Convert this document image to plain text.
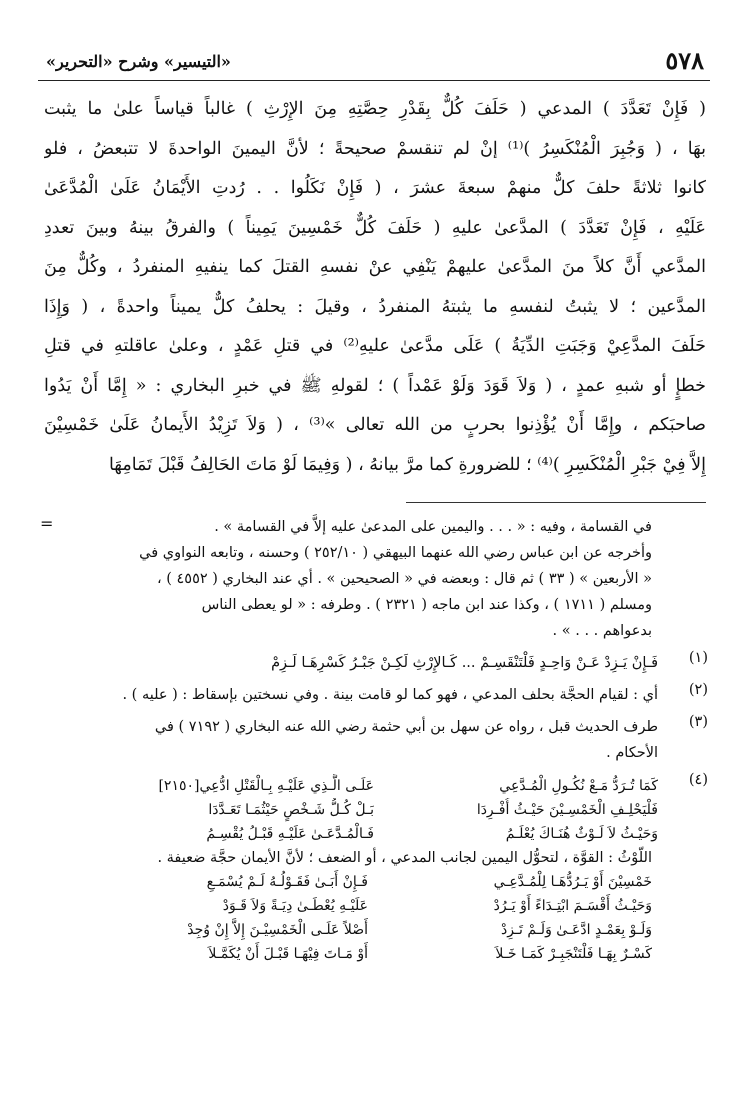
٥٧٨
«التيسير» وشرح «التحرير»

( فَإِنْ تَعَدَّدَ ) المدعي ( حَلَفَ كُلٌّ بِقَدْرِ حِصَّتِهِ مِنَ الإِرْثِ ) غالباً قياساً علىٰ ما يثبت

بهَا ، ( وَجُبِرَ الْمُنْكَسِرُ )⁽¹⁾ إنْ لم تنقسمْ صحيحةً ؛ لأنَّ اليمينَ الواحدةَ لا تتبعضُ ، فلو

كانوا ثلاثةً حلفَ كلٌّ منهمْ سبعةَ عشرَ ، ( فَإِنْ نَكَلُوا . . رُدتِ الأَيْمَانُ عَلَىٰ الْمُدَّعَىٰ

عَلَيْهِ ، فَإِنْ تَعَدَّدَ ) المدَّعىٰ عليهِ ( حَلَفَ كُلٌّ خَمْسِينَ يَمِيناً ) والفرقُ بينهُ وبينَ تعددِ

المدَّعي أَنَّ كلاً منَ المدَّعىٰ عليهمْ يَنْفِي عنْ نفسهِ القتلَ كما ينفيهِ المنفردُ ، وكُلٌّ مِنَ

المدَّعين ؛ لا يثبتُ لنفسهِ ما يثبتهُ المنفردُ ، وقيلَ : يحلفُ كلٌّ يميناً واحدةً ، ( وَإِذَا

حَلَفَ المدَّعِيْ وَجَبَتِ الدِّيَةُ ) عَلَى مدَّعىٰ عليهِ⁽²⁾ في قتلِ عَمْدٍ ، وعلىٰ عاقلتهِ في قتلِ

خطإٍ أو شبهِ عمدٍ ، ( وَلاَ قَوَدَ وَلَوْ عَمْداً ) ؛ لقولهِ ﷺ في خبرِ البخاري : « إِمَّا أَنْ يَدُوا

صاحبَكم ، وإِمَّا أَنْ يُؤْذِنوا بحربٍ من الله تعالى »⁽³⁾ ، ( وَلاَ تَزِيْدُ الأَيمانُ عَلَىٰ خَمْسِيْنَ

إِلاَّ فِيْ جَبْرِ الْمُنْكَسِرِ )⁽⁴⁾ ؛ للضرورةِ كما مرَّ بيانهُ ، ( وَفِيمَا لَوْ مَاتَ الحَالِفُ قَبْلَ تَمَامِهَا

=	في القسامة ، وفيه : « . . . واليمين على المدعىٰ عليه إلاَّ في القسامة » .
وأخرجه عن ابن عباس رضي الله عنهما البيهقي ( ٢٥٢/١٠ ) وحسنه ، وتابعه النواوي في
« الأربعين » ( ٣٣ ) ثم قال : وبعضه في « الصحيحين » . أي عند البخاري ( ٤٥٥٢ ) ،
ومسلم ( ١٧١١ ) ، وكذا عند ابن ماجه ( ٢٣٢١ ) . وطرفه : « لو يعطى الناس
بدعواهم . . . » .
(١)
فَـإِنْ يَـزِدْ عَـنْ وَاحِـدٍ فَلْتَنْقَسِـمْ ... كَـالإِرْثِ لَكِـنْ جَبْـرُ كَسْرِهَـا لَـزِمْ
(٢)
أي : لقيام الحجَّة بحلف المدعي ، فهو كما لو قامت بينة . وفي نسختين بإسقاط : ( عليه ) .
(٣)
طرف الحديث قبل ، رواه عن سهل بن أبي حثمة رضي الله عنه البخاري ( ٧١٩٢ ) في
الأحكام .
(٤)
كَمَا تُـرَدُّ مَـعْ نُكُـولِ الْمُـدَّعِي
عَلَـى الَّـذِي عَلَيْـهِ بِـالْقَتْلِ ادُّعِي[٢١٥٠]
فَلْيَحْلِـفِ الْخَمْسِـيْنَ حَيْـثُ أُفْـرِدَا
بَـلْ كُـلُّ شَـخْصٍ حَيْثُمَـا تَعَـدَّدَا
وَحَيْـثُ لاَ لَـوْثٌ هُنَـاكَ يُعْلَـمُ
فَـالْمُـدَّعَـىٰ عَلَيْـهِ قَبْـلُ يُقْسِـمُ
اللَّوْثُ : القوَّة ، لتحوُّل اليمين لجانب المدعي ، أو الضعف ؛ لأنَّ الأيمان حجَّة ضعيفة .
خَمْسِيْنَ أَوْ يَـرُدُّهَـا لِلْمُـدَّعِـي
فَـإِنْ أَبَـىٰ فَقَـوْلُـهُ لَـمْ يُسْمَـعِ
وَحَيْـثُ أَقْسَـمَ ابْتِـدَاءً أَوْ يَـرُدْ
عَلَيْـهِ يُعْطَـىٰ دِيَـةً وَلاَ قَـوَدْ
وَلَـوْ بِعَمْـدٍ ادَّعَـىٰ وَلَـمْ تَـزِدْ
أَصْلاً عَلَـى الْخَمْسِيْـنَ إِلاَّ إِنْ وُجِدْ
كَسْـرٌ بِهَـا فَلْتَنْجَبِـرْ كَمَـا خَـلاَ
أَوْ مَـاتَ فِيْهَـا قَبْـلَ أَنْ يُكَمَّـلاَ
